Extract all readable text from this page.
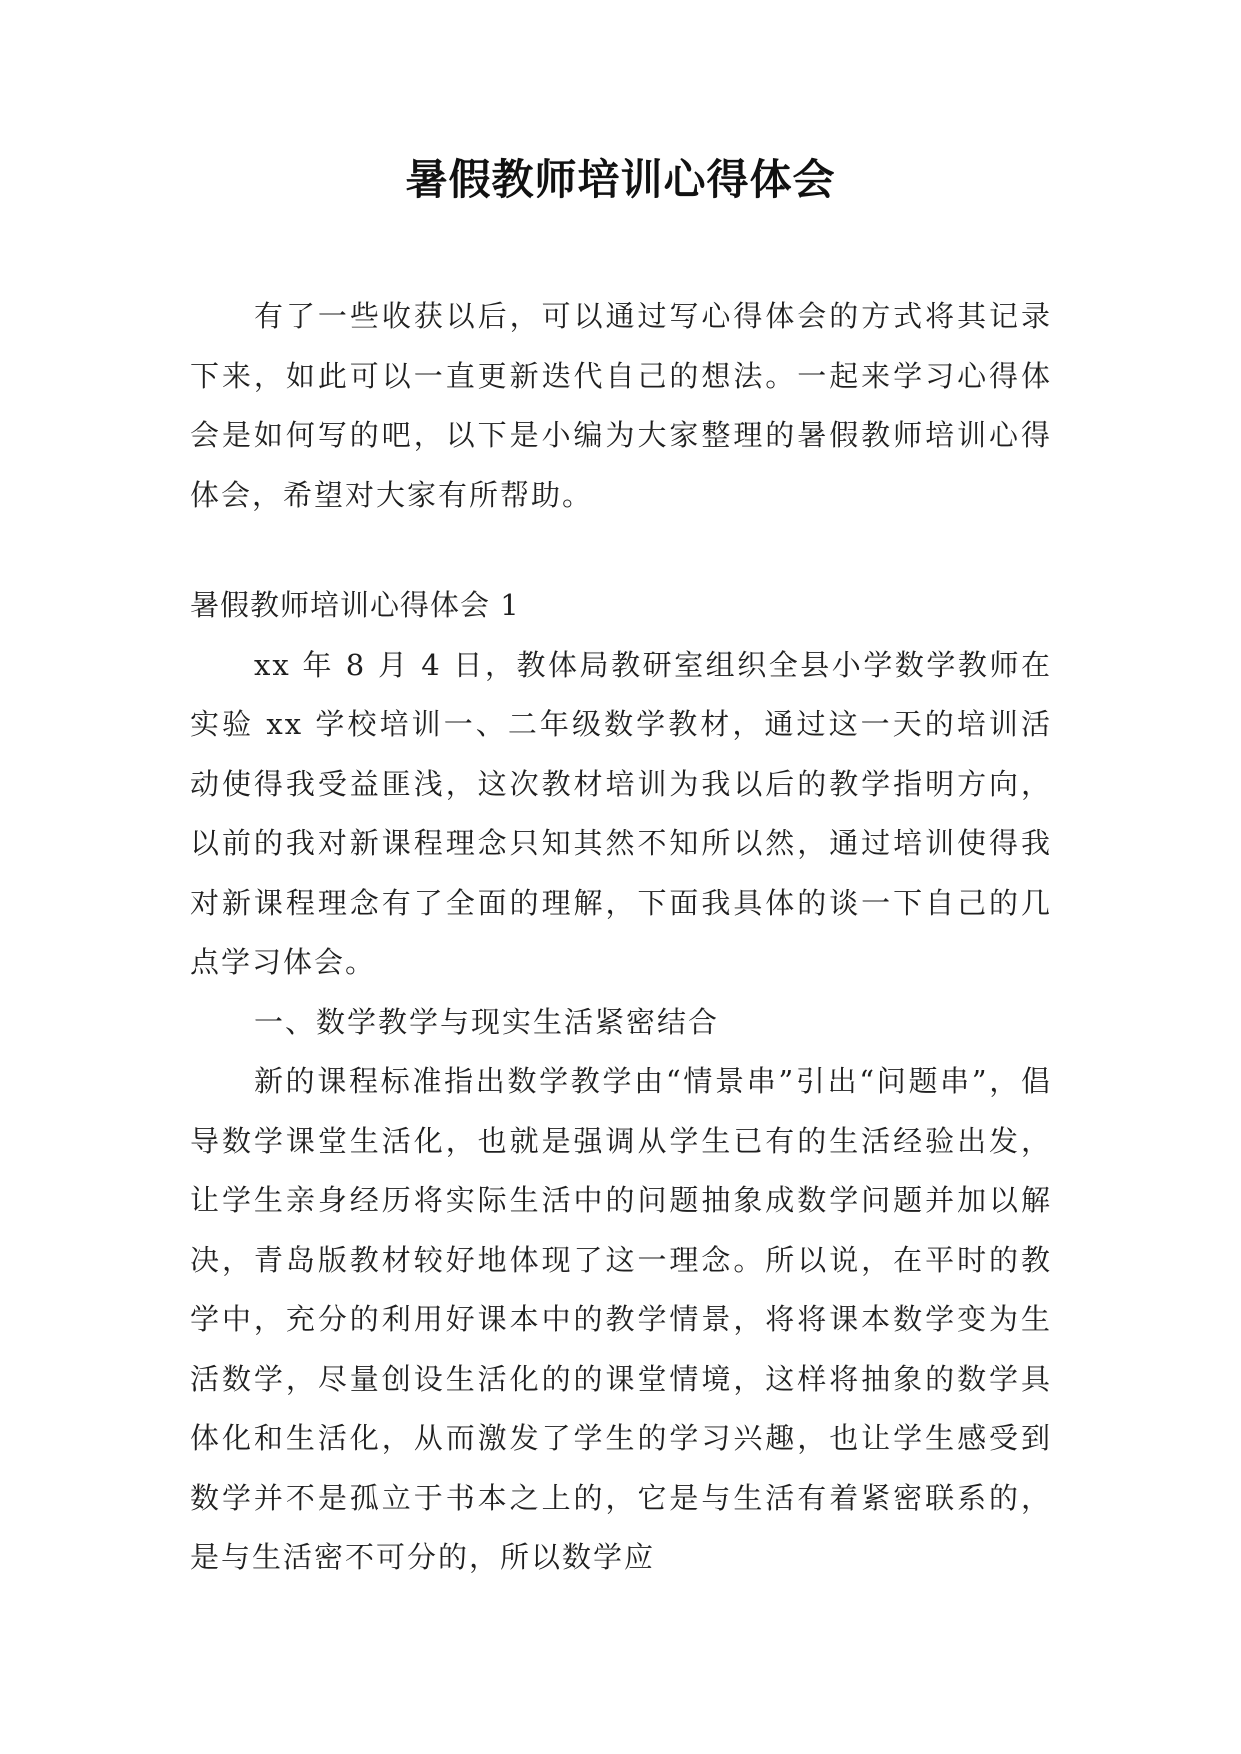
暑假教师培训心得体会

有了一些收获以后，可以通过写心得体会的方式将其记录下来，如此可以一直更新迭代自己的想法。一起来学习心得体会是如何写的吧，以下是小编为大家整理的暑假教师培训心得体会，希望对大家有所帮助。

暑假教师培训心得体会 1

xx 年 8 月 4 日，教体局教研室组织全县小学数学教师在实验 xx 学校培训一、二年级数学教材，通过这一天的培训活动使得我受益匪浅，这次教材培训为我以后的教学指明方向，以前的我对新课程理念只知其然不知所以然，通过培训使得我对新课程理念有了全面的理解，下面我具体的谈一下自己的几点学习体会。

一、数学教学与现实生活紧密结合

新的课程标准指出数学教学由“情景串”引出“问题串”，倡导数学课堂生活化，也就是强调从学生已有的生活经验出发，让学生亲身经历将实际生活中的问题抽象成数学问题并加以解决，青岛版教材较好地体现了这一理念。所以说，在平时的教学中，充分的利用好课本中的教学情景，将将课本数学变为生活数学，尽量创设生活化的的课堂情境，这样将抽象的数学具体化和生活化，从而激发了学生的学习兴趣，也让学生感受到数学并不是孤立于书本之上的，它是与生活有着紧密联系的，是与生活密不可分的，所以数学应
